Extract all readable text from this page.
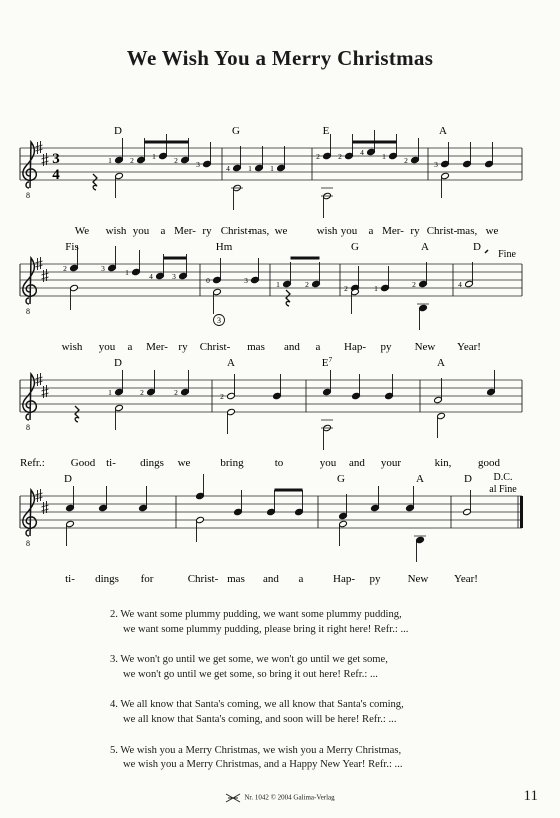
We Wish You a Merry Christmas
8
3
4
D	G	E	A
1 2 1 2 3	4 1 1
2 2 4 1 2	3
We wish you a Mer- ry Christ-
mas, we	wish you a Mer- ry Christ- mas, we
8
Fis	Hm	G	A	D
2	3	1	4	3	0	3	1	2	2	1	2	4
wish you a Mer- ry Christ- mas and a Hap- py New Year!
Fine
3
8
D	A	$E^7$	A
1	2	2	2
Refr.: Good ti- dings we	bring	to	you and your	kin, good
8
D	G	A	D
ti- dings for	Christ- mas and a	Hap- py New Year!
D.C.
al Fine
2. We want some plummy pudding, we want some plummy pudding,
we want some plummy pudding, please bring it right here! Refr.: ...
3. We won't go until we get some, we won't go until we get some,
we won't go until we get some, so bring it out here! Refr.: ...
4. We all know that Santa's coming, we all know that Santa's coming,
we all know that Santa's coming, and soon will be here! Refr.: ...
5. We wish you a Merry Christmas, we wish you a Merry Christmas,
we wish you a Merry Christmas, and a Happy New Year! Refr.: ...
Nr. 1042 © 2004 Galima-Verlag	11
